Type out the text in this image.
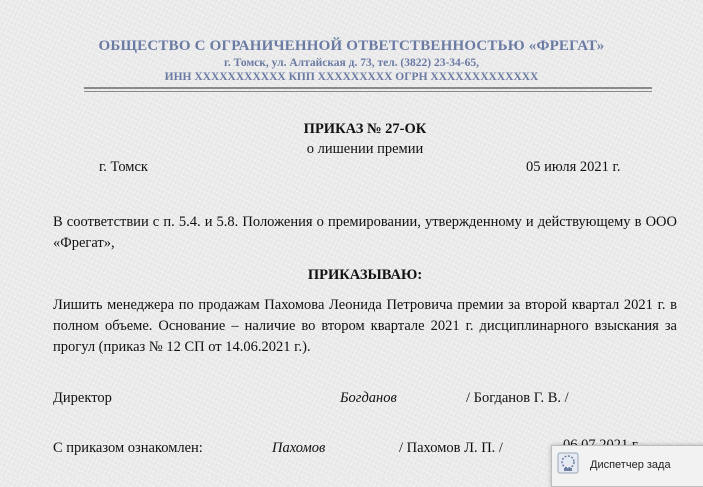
ОБЩЕСТВО С ОГРАНИЧЕННОЙ ОТВЕТСТВЕННОСТЬЮ «ФРЕГАТ»
г. Томск, ул. Алтайская д. 73, тел. (3822) 23-34-65,
ИНН XXXXXXXXXXX КПП XXXXXXXXX ОГРН XXXXXXXXXXXXX
ПРИКАЗ № 27-ОК
о лишении премии
г. Томск	05 июля 2021 г.
В соответствии с п. 5.4. и 5.8. Положения о премировании, утвержденному и действующему в ООО «Фрегат»,
ПРИКАЗЫВАЮ:
Лишить менеджера по продажам Пахомова Леонида Петровича премии за второй квартал 2021 г. в полном объеме. Основание – наличие во втором квартале 2021 г. дисциплинарного взыскания за прогул (приказ № 12 СП от 14.06.2021 г.).
Директор	Богданов	/ Богданов Г. В. /
С приказом ознакомлен:	Пахомов	/ Пахомов Л. П. /
Диспетчер зада
